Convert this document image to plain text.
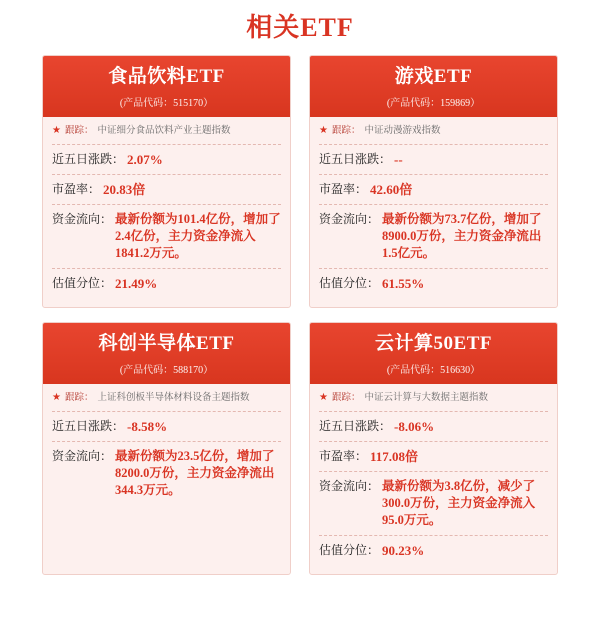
相关ETF
食品饮料ETF
(产品代码：515170）
★ 跟踪： 中证细分食品饮料产业主题指数
近五日涨跌： 2.07%
市盈率： 20.83倍
资金流向： 最新份额为101.4亿份，增加了2.4亿份，主力资金净流入1841.2万元。
估值分位： 21.49%
游戏ETF
(产品代码：159869）
★ 跟踪： 中证动漫游戏指数
近五日涨跌： --
市盈率： 42.60倍
资金流向： 最新份额为73.7亿份，增加了8900.0万份，主力资金净流出1.5亿元。
估值分位： 61.55%
科创半导体ETF
(产品代码：588170）
★ 跟踪： 上证科创板半导体材料设备主题指数
近五日涨跌： -8.58%
资金流向： 最新份额为23.5亿份，增加了8200.0万份，主力资金净流出344.3万元。
云计算50ETF
(产品代码：516630）
★ 跟踪： 中证云计算与大数据主题指数
近五日涨跌： -8.06%
市盈率： 117.08倍
资金流向： 最新份额为3.8亿份，减少了300.0万份，主力资金净流入95.0万元。
估值分位： 90.23%
